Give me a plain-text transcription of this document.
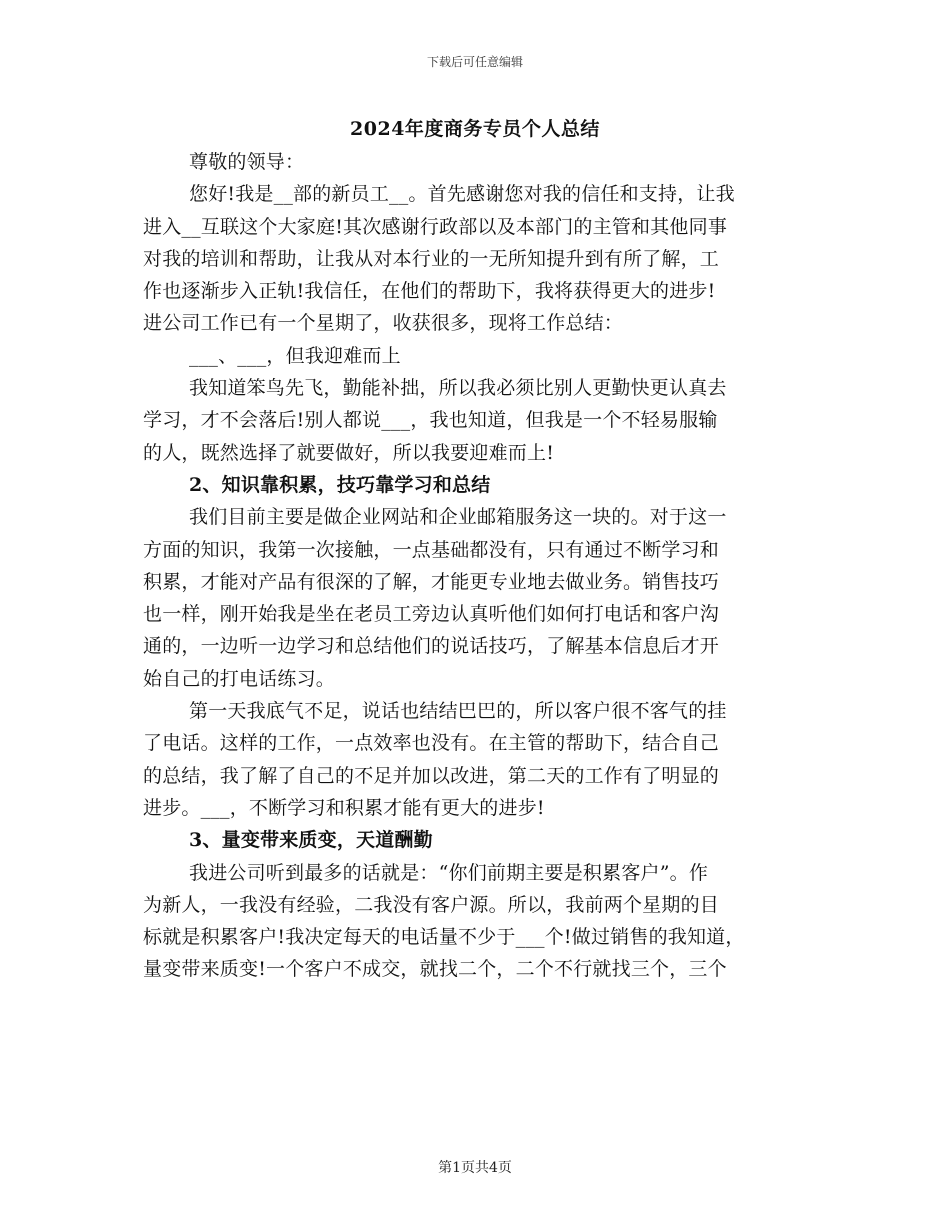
下载后可任意编辑
2024年度商务专员个人总结
尊敬的领导：
您好!我是__部的新员工__。首先感谢您对我的信任和支持，让我
进入__互联这个大家庭!其次感谢行政部以及本部门的主管和其他同事
对我的培训和帮助，让我从对本行业的一无所知提升到有所了解，工
作也逐渐步入正轨!我信任，在他们的帮助下，我将获得更大的进步!
进公司工作已有一个星期了，收获很多，现将工作总结：
___、___，但我迎难而上
我知道笨鸟先飞，勤能补拙，所以我必须比别人更勤快更认真去
学习，才不会落后!别人都说___，我也知道，但我是一个不轻易服输
的人，既然选择了就要做好，所以我要迎难而上!
2、知识靠积累，技巧靠学习和总结
我们目前主要是做企业网站和企业邮箱服务这一块的。对于这一
方面的知识，我第一次接触，一点基础都没有，只有通过不断学习和
积累，才能对产品有很深的了解，才能更专业地去做业务。销售技巧
也一样，刚开始我是坐在老员工旁边认真听他们如何打电话和客户沟
通的，一边听一边学习和总结他们的说话技巧，了解基本信息后才开
始自己的打电话练习。
第一天我底气不足，说话也结结巴巴的，所以客户很不客气的挂
了电话。这样的工作，一点效率也没有。在主管的帮助下，结合自己
的总结，我了解了自己的不足并加以改进，第二天的工作有了明显的
进步。___，不断学习和积累才能有更大的进步!
3、量变带来质变，天道酬勤
我进公司听到最多的话就是：“你们前期主要是积累客户”。作
为新人，一我没有经验，二我没有客户源。所以，我前两个星期的目
标就是积累客户!我决定每天的电话量不少于___个!做过销售的我知道，
量变带来质变!一个客户不成交，就找二个，二个不行就找三个，三个
第1页共4页
